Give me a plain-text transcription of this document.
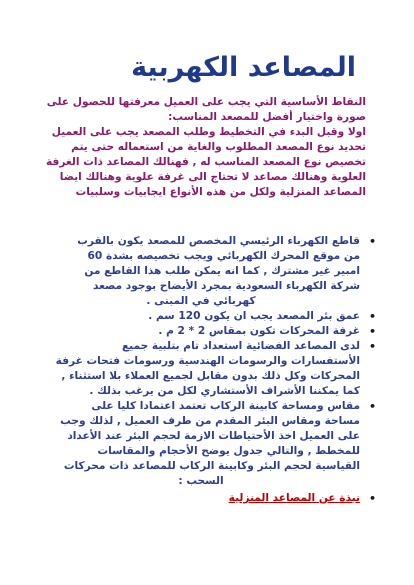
المصاعد الكهربية
النقاط الأساسية التي يجب على العميل معرفتها للحصول على
صورة واختيار أفضل للمصعد المناسب:
اولا وقبل البدء في التخطيط وطلب المصعد يجب على العميل
تحديد نوع المصعد المطلوب والغاية من استعماله حتى يتم
تخصيص نوع المصعد المناسب له , فهنالك المصاعد ذات الغرفة
العلوية وهنالك مصاعد لا تحتاج الى غرفة علوية وهنالك ايضا
المصاعد المنزلية ولكل من هذه الأنواع ايجابيات وسلبيات
•
قاطع الكهرباء الرئيسي المخصص للمصعد يكون بالقرب
من موقع المحرك الكهربائي ويجب تخصيصه بشدة 60
امبير غير مشترك , كما انه يمكن طلب هذا القاطع من
شركة الكهرباء السعودية بمجرد الأيضاح بوجود مصعد
كهربائي في المبنى .
•
عمق بئر المصعد يجب ان يكون 120 سم .
•
غرفة المحركات تكون بمقاس 2 * 2 م .
•
لدى المصاعد الفضائية استعداد تام بتلبية جميع
الأستفسارات والرسومات الهندسية ورسومات فتحات غرفة
المحركات وكل ذلك بدون مقابل لجميع العملاء بلا استثناء ,
كما يمكننا الأشراف الأستشاري لكل من يرغب بذلك .
•
مقاس ومساحة كابينة الركاب تعتمد اعتمادا كليا على
مساحة ومقاس البئر المقدم من طرف العميل , لذلك وجب
على العميل اخذ الأحتياطات الازمة لحجم البئر عند الأعداد
للمخطط , والتالي جدول يوضح الأحجام والمقاسات
القياسية لحجم البئر وكابينة الركاب للمصاعد ذات محركات
السحب :
•
نبذة عن المصاعد المنزلية
